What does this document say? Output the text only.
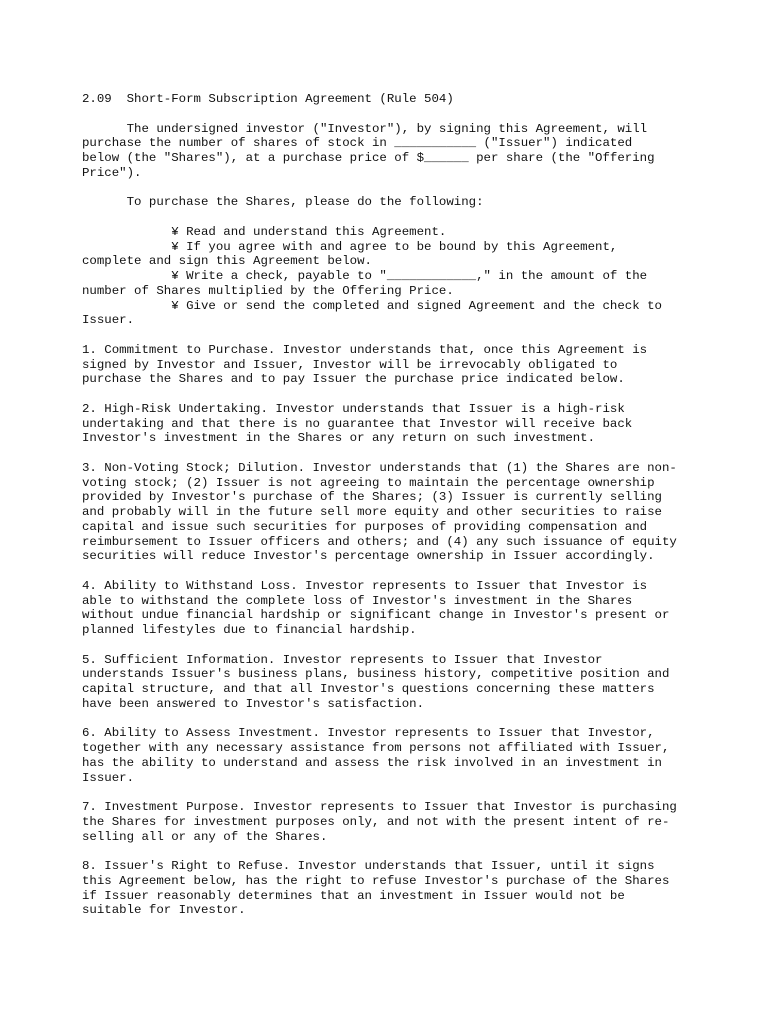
2.09  Short-Form Subscription Agreement (Rule 504)
The undersigned investor ("Investor"), by signing this Agreement, will
purchase the number of shares of stock in ___________ ("Issuer") indicated
below (the "Shares"), at a purchase price of $______ per share (the "Offering
Price").
To purchase the Shares, please do the following:
¥ Read and understand this Agreement.
¥ If you agree with and agree to be bound by this Agreement,
complete and sign this Agreement below.
¥ Write a check, payable to "____________," in the amount of the
number of Shares multiplied by the Offering Price.
¥ Give or send the completed and signed Agreement and the check to
Issuer.
1. Commitment to Purchase. Investor understands that, once this Agreement is
signed by Investor and Issuer, Investor will be irrevocably obligated to
purchase the Shares and to pay Issuer the purchase price indicated below.
2. High-Risk Undertaking. Investor understands that Issuer is a high-risk
undertaking and that there is no guarantee that Investor will receive back
Investor's investment in the Shares or any return on such investment.
3. Non-Voting Stock; Dilution. Investor understands that (1) the Shares are non-
voting stock; (2) Issuer is not agreeing to maintain the percentage ownership
provided by Investor's purchase of the Shares; (3) Issuer is currently selling
and probably will in the future sell more equity and other securities to raise
capital and issue such securities for purposes of providing compensation and
reimbursement to Issuer officers and others; and (4) any such issuance of equity
securities will reduce Investor's percentage ownership in Issuer accordingly.
4. Ability to Withstand Loss. Investor represents to Issuer that Investor is
able to withstand the complete loss of Investor's investment in the Shares
without undue financial hardship or significant change in Investor's present or
planned lifestyles due to financial hardship.
5. Sufficient Information. Investor represents to Issuer that Investor
understands Issuer's business plans, business history, competitive position and
capital structure, and that all Investor's questions concerning these matters
have been answered to Investor's satisfaction.
6. Ability to Assess Investment. Investor represents to Issuer that Investor,
together with any necessary assistance from persons not affiliated with Issuer,
has the ability to understand and assess the risk involved in an investment in
Issuer.
7. Investment Purpose. Investor represents to Issuer that Investor is purchasing
the Shares for investment purposes only, and not with the present intent of re-
selling all or any of the Shares.
8. Issuer's Right to Refuse. Investor understands that Issuer, until it signs
this Agreement below, has the right to refuse Investor's purchase of the Shares
if Issuer reasonably determines that an investment in Issuer would not be
suitable for Investor.
